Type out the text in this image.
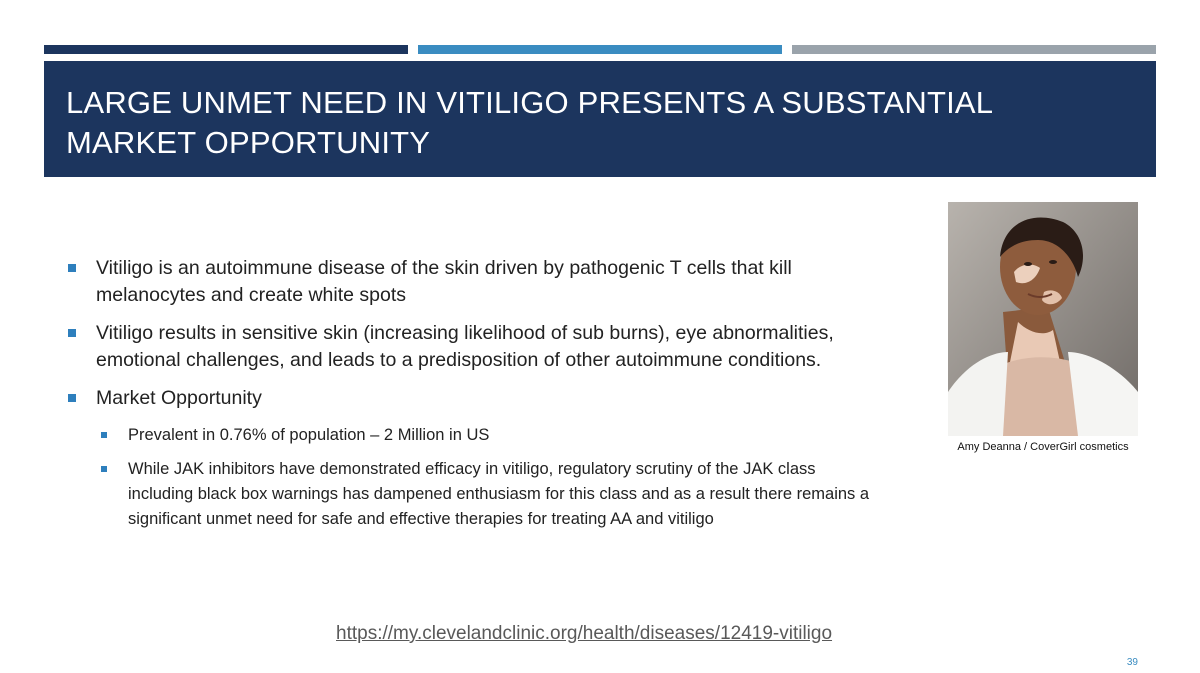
LARGE UNMET NEED IN VITILIGO PRESENTS A SUBSTANTIAL MARKET OPPORTUNITY
Vitiligo is an autoimmune disease of the skin driven by pathogenic T cells that kill melanocytes and create white spots
Vitiligo results in sensitive skin (increasing likelihood of sub burns), eye abnormalities, emotional challenges, and leads to a predisposition of other autoimmune conditions.
Market Opportunity
Prevalent in 0.76% of population – 2 Million in US
While JAK inhibitors have demonstrated efficacy in vitiligo, regulatory scrutiny of the JAK class including black box warnings has dampened enthusiasm for this class and as a result there remains a significant unmet need for safe and effective therapies for treating AA and vitiligo
Amy Deanna / CoverGirl cosmetics
https://my.clevelandclinic.org/health/diseases/12419-vitiligo
39
